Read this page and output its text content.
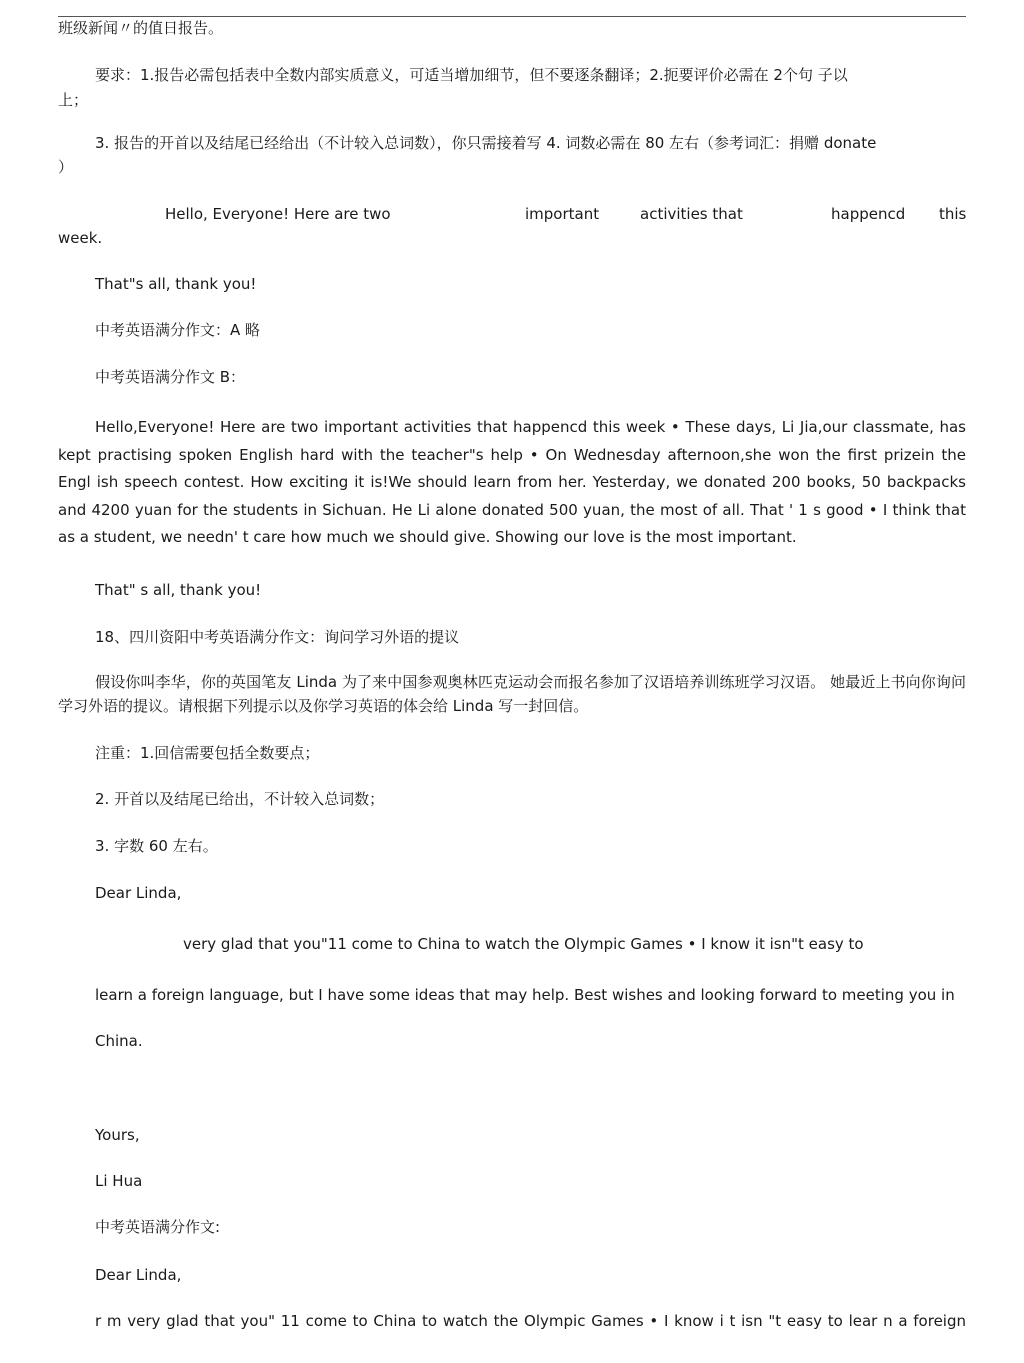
班级新闻〃的值日报告。
要求：1.报告必需包括表中全数内部实质意义，可适当增加细节，但不要逐条翻译；2.扼要评价必需在 2个句 子以
上；
3. 报告的开首以及结尾已经给出（不计较入总词数），你只需接着写 4. 词数必需在 80 左右（参考词汇：捐赠 donate
）
Hello, Everyone! Here are two	important	activities that	happencd this
week.
That"s all, thank you!
中考英语满分作文：A 略
中考英语满分作文 B：
Hello,Everyone! Here are two important activities that happencd this week • These days, Li Jia,our classmate, has kept practising spoken English hard with the teacher"s help • On Wednesday afternoon,she won the first prizein the Engl ish speech contest. How exciting it is!We should learn from her. Yesterday, we donated 200 books, 50 backpacks and 4200 yuan for the students in Sichuan. He Li alone donated 500 yuan, the most of all. That ' 1 s good • I think that as a student, we needn' t care how much we should give. Showing our love is the most important.
That" s all, thank you!
18、四川资阳中考英语满分作文：询问学习外语的提议
假设你叫李华，你的英国笔友 Linda 为了来中国参观奥林匹克运动会而报名参加了汉语培养训练班学习汉语。 她最近上书向你询问学习外语的提议。请根据下列提示以及你学习英语的体会给 Linda 写一封回信。
注重：1.回信需要包括全数要点；
2. 开首以及结尾已给出，不计较入总词数；
3. 字数 60 左右。
Dear Linda,
very glad that you"11 come to China to watch the Olympic Games • I know it isn"t easy to
learn a foreign language, but I have some ideas that may help. Best wishes and looking forward to meeting you in
China.
Yours,
Li Hua
中考英语满分作文:
Dear Linda,
r m very glad that you" 11 come to China to watch the Olympic Games • I know i t isn "t easy to lear n a foreign
